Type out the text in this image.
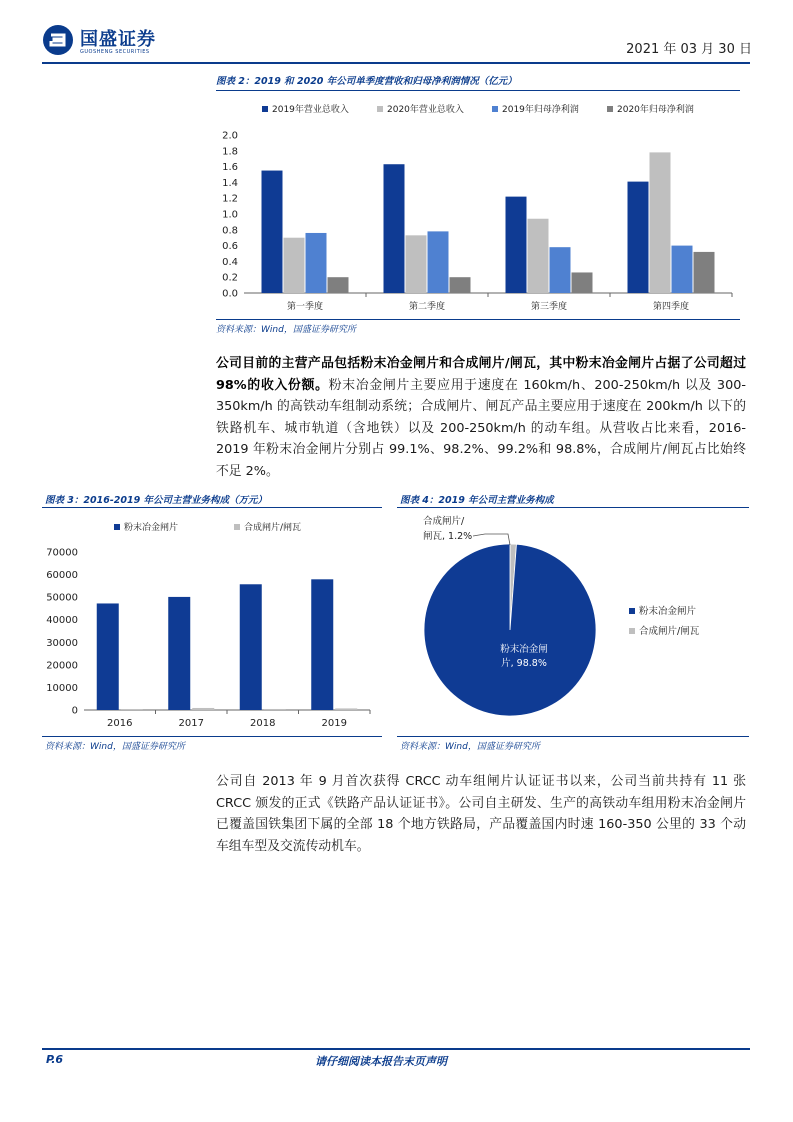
国盛证券
GUOSHENG SECURITIES	2021 年 03 月 30 日
图表 2：2019 和 2020 年公司单季度营收和归母净利润情况（亿元）
2019年营业总收入	2020年营业总收入	2019年归母净利润	2020年归母净利润
0.0
0.2
0.4
0.6
0.8
1.0
1.2
1.4
1.6
1.8
2.0
第一季度	第二季度	第三季度	第四季度
资料来源：Wind，国盛证券研究所
公司目前的主营产品包括粉末冶金闸片和合成闸片/闸瓦，其中粉末冶金闸片占据了公司超过 98%的收入份额。粉末冶金闸片主要应用于速度在 160km/h、200-250km/h 以及 300-350km/h 的高铁动车组制动系统；合成闸片、闸瓦产品主要应用于速度在 200km/h 以下的铁路机车、城市轨道（含地铁）以及 200-250km/h 的动车组。从营收占比来看，2016-2019 年粉末冶金闸片分别占 99.1%、98.2%、99.2%和 98.8%，合成闸片/闸瓦占比始终不足 2%。
图表 3：2016-2019 年公司主营业务构成（万元）
粉末冶金闸片	合成闸片/闸瓦
0
10000
20000
30000
40000
50000
60000
70000
2016	2017	2018	2019
资料来源：Wind，国盛证券研究所
图表 4：2019 年公司主营业务构成
粉末冶金闸
片, 98.8%
合成闸片/
闸瓦, 1.2%
粉末冶金闸片
合成闸片/闸瓦
资料来源：Wind，国盛证券研究所
公司自 2013 年 9 月首次获得 CRCC 动车组闸片认证证书以来，公司当前共持有 11 张 CRCC 颁发的正式《铁路产品认证证书》。公司自主研发、生产的高铁动车组用粉末冶金闸片已覆盖国铁集团下属的全部 18 个地方铁路局，产品覆盖国内时速 160-350 公里的 33 个动车组车型及交流传动机车。
P.6	请仔细阅读本报告末页声明
